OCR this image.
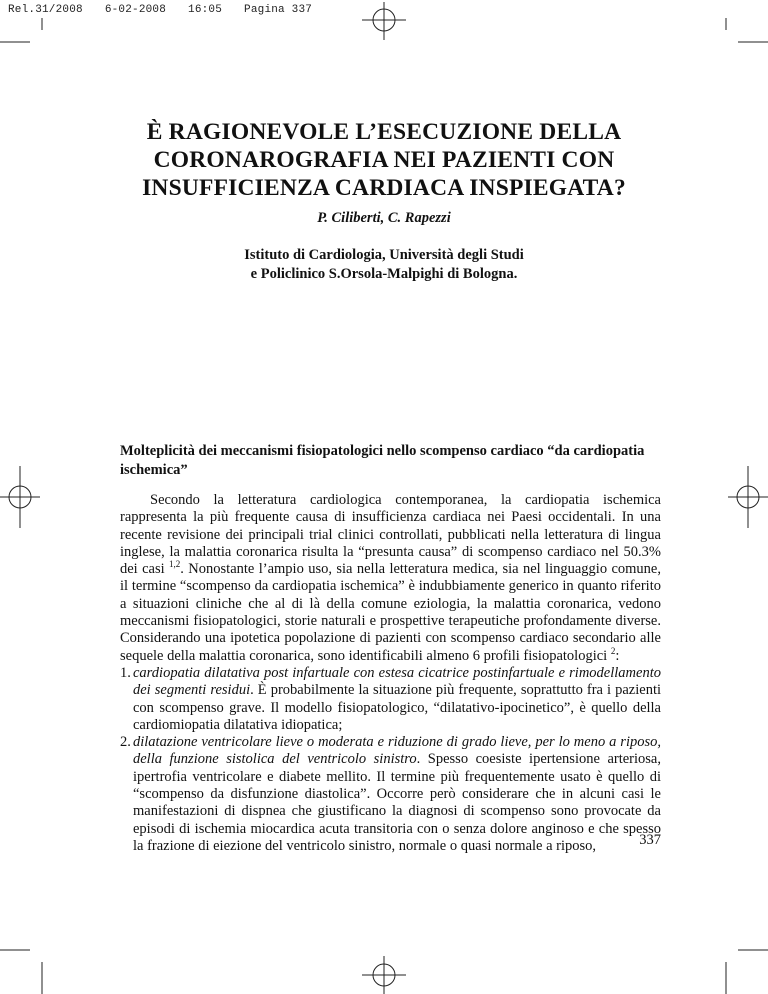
Rel.31/2008 6-02-2008 16:05 Pagina 337
È RAGIONEVOLE L’ESECUZIONE DELLA
CORONAROGRAFIA NEI PAZIENTI CON
INSUFFICIENZA CARDIACA INSPIEGATA?
P. Ciliberti, C. Rapezzi
Istituto di Cardiologia, Università degli Studi
e Policlinico S.Orsola-Malpighi di Bologna.
Molteplicità dei meccanismi fisiopatologici nello scompenso cardiaco “da cardiopatia ischemica”

Secondo la letteratura cardiologica contemporanea, la cardiopatia ischemica rappresenta la più frequente causa di insufficienza cardiaca nei Paesi occidentali. In una recente revisione dei principali trial clinici controllati, pubblicati nella letteratura di lingua inglese, la malattia coronarica risulta la “presunta causa” di scompenso cardiaco nel 50.3% dei casi $^{1,2}$. Nonostante l’ampio uso, sia nella letteratura medica, sia nel linguaggio comune, il termine “scompenso da cardiopatia ischemica” è indubbiamente generico in quanto riferito a situazioni cliniche che al di là della comune eziologia, la malattia coronarica, vedono meccanismi fisiopatologici, storie naturali e prospettive terapeutiche profondamente diverse. Considerando una ipotetica popolazione di pazienti con scompenso cardiaco secondario alle sequele della malattia coronarica, sono identificabili almeno 6 profili fisiopatologici $^2$:

1. cardiopatia dilatativa post infartuale con estesa cicatrice postinfartuale e rimodellamento dei segmenti residui. È probabilmente la situazione più frequente, soprattutto fra i pazienti con scompenso grave. Il modello fisiopatologico, “dilatativo-ipocinetico”, è quello della cardiomiopatia dilatativa idiopatica;
2. dilatazione ventricolare lieve o moderata e riduzione di grado lieve, per lo meno a riposo, della funzione sistolica del ventricolo sinistro. Spesso coesiste ipertensione arteriosa, ipertrofia ventricolare e diabete mellito. Il termine più frequentemente usato è quello di “scompenso da disfunzione diastolica”. Occorre però considerare che in alcuni casi le manifestazioni di dispnea che giustificano la diagnosi di scompenso sono provocate da episodi di ischemia miocardica acuta transitoria con o senza dolore anginoso e che spesso la frazione di eiezione del ventricolo sinistro, normale o quasi normale a riposo,	337
